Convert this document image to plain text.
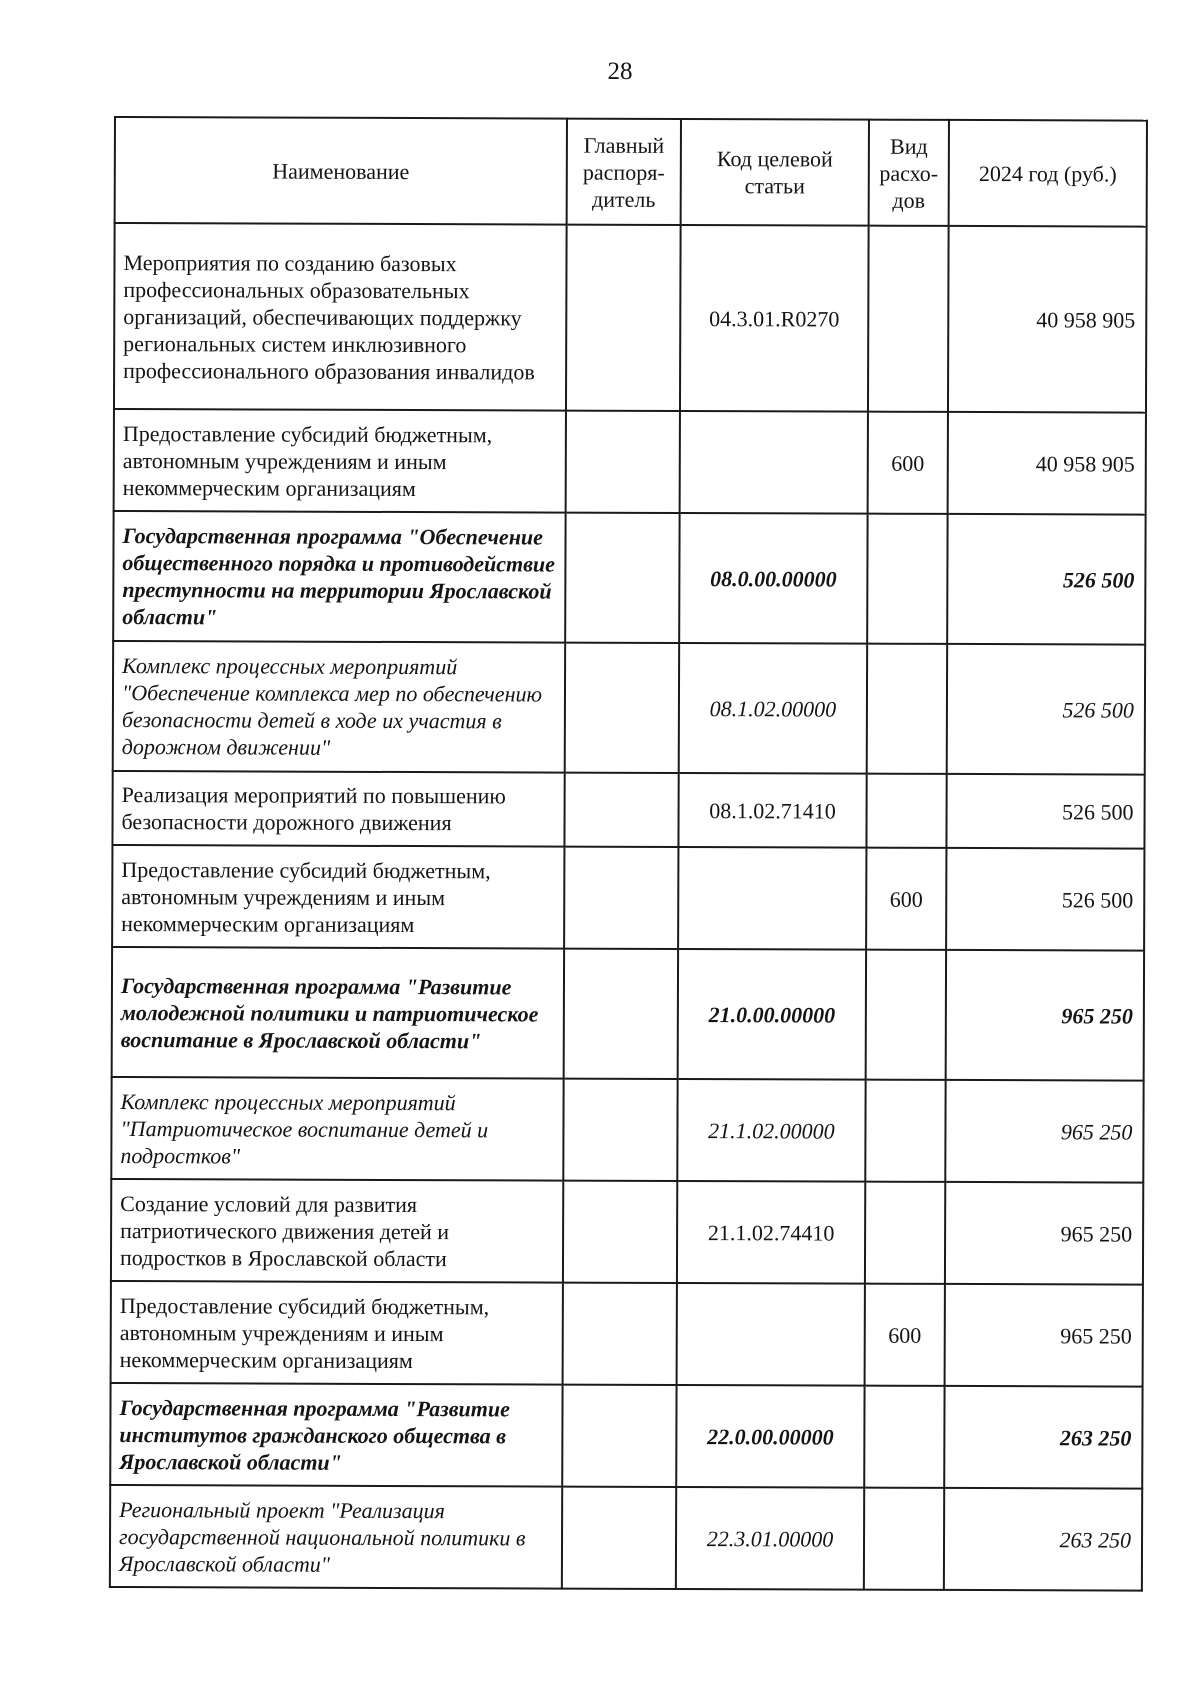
28
Наименование	Главный распоря-дитель	Код целевой статьи	Вид расхо-дов	2024 год (руб.)
Мероприятия по созданию базовых профессиональных образовательных организаций, обеспечивающих поддержку региональных систем инклюзивного профессионального образования инвалидов		04.3.01.R0270		40 958 905
Предоставление субсидий бюджетным, автономным учреждениям и иным некоммерческим организациям			600	40 958 905
Государственная программа "Обеспечение общественного порядка и противодействие преступности на территории Ярославской области"		08.0.00.00000		526 500
Комплекс процессных мероприятий "Обеспечение комплекса мер по обеспечению безопасности детей в ходе их участия в дорожном движении"		08.1.02.00000		526 500
Реализация мероприятий по повышению безопасности дорожного движения		08.1.02.71410		526 500
Предоставление субсидий бюджетным, автономным учреждениям и иным некоммерческим организациям			600	526 500
Государственная программа "Развитие молодежной политики и патриотическое воспитание в Ярославской области"		21.0.00.00000		965 250
Комплекс процессных мероприятий "Патриотическое воспитание детей и подростков"		21.1.02.00000		965 250
Создание условий для развития патриотического движения детей и подростков в Ярославской области		21.1.02.74410		965 250
Предоставление субсидий бюджетным, автономным учреждениям и иным некоммерческим организациям			600	965 250
Государственная программа "Развитие институтов гражданского общества в Ярославской области"		22.0.00.00000		263 250
Региональный проект "Реализация государственной национальной политики в Ярославской области"		22.3.01.00000		263 250
